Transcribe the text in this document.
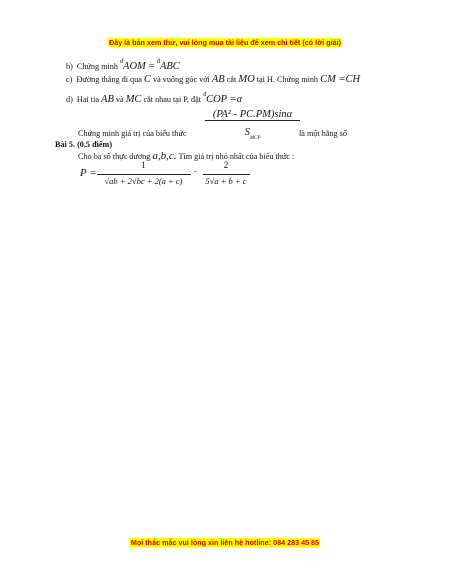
Đây là bản xem thử, vui lòng mua tài liệu để xem chi tiết (có lời giải)
b) Chứng minh $^đ$AOM = $^đ$ABC
c) Đường thẳng đi qua C và vuông góc với AB cắt MO tại H. Chứng minh CM =CH
d) Hai tia AB và MC cắt nhau tại P, đặt $^đ$COP =α
(PA² - PC.PM)sinα
$S_{MCP}$
Chứng minh giá trị của biểu thức	là một hằng số
Bài 5. (0,5 điểm)
Cho ba số thực dương a,b,c. Tìm giá trị nhỏ nhất của biểu thức :
P =
1
√ab + 2√bc + 2(a + c)
-
2
5√a + b + c
Mọi thắc mắc vui lòng xin liên hệ hotline: 084 283 45 85
